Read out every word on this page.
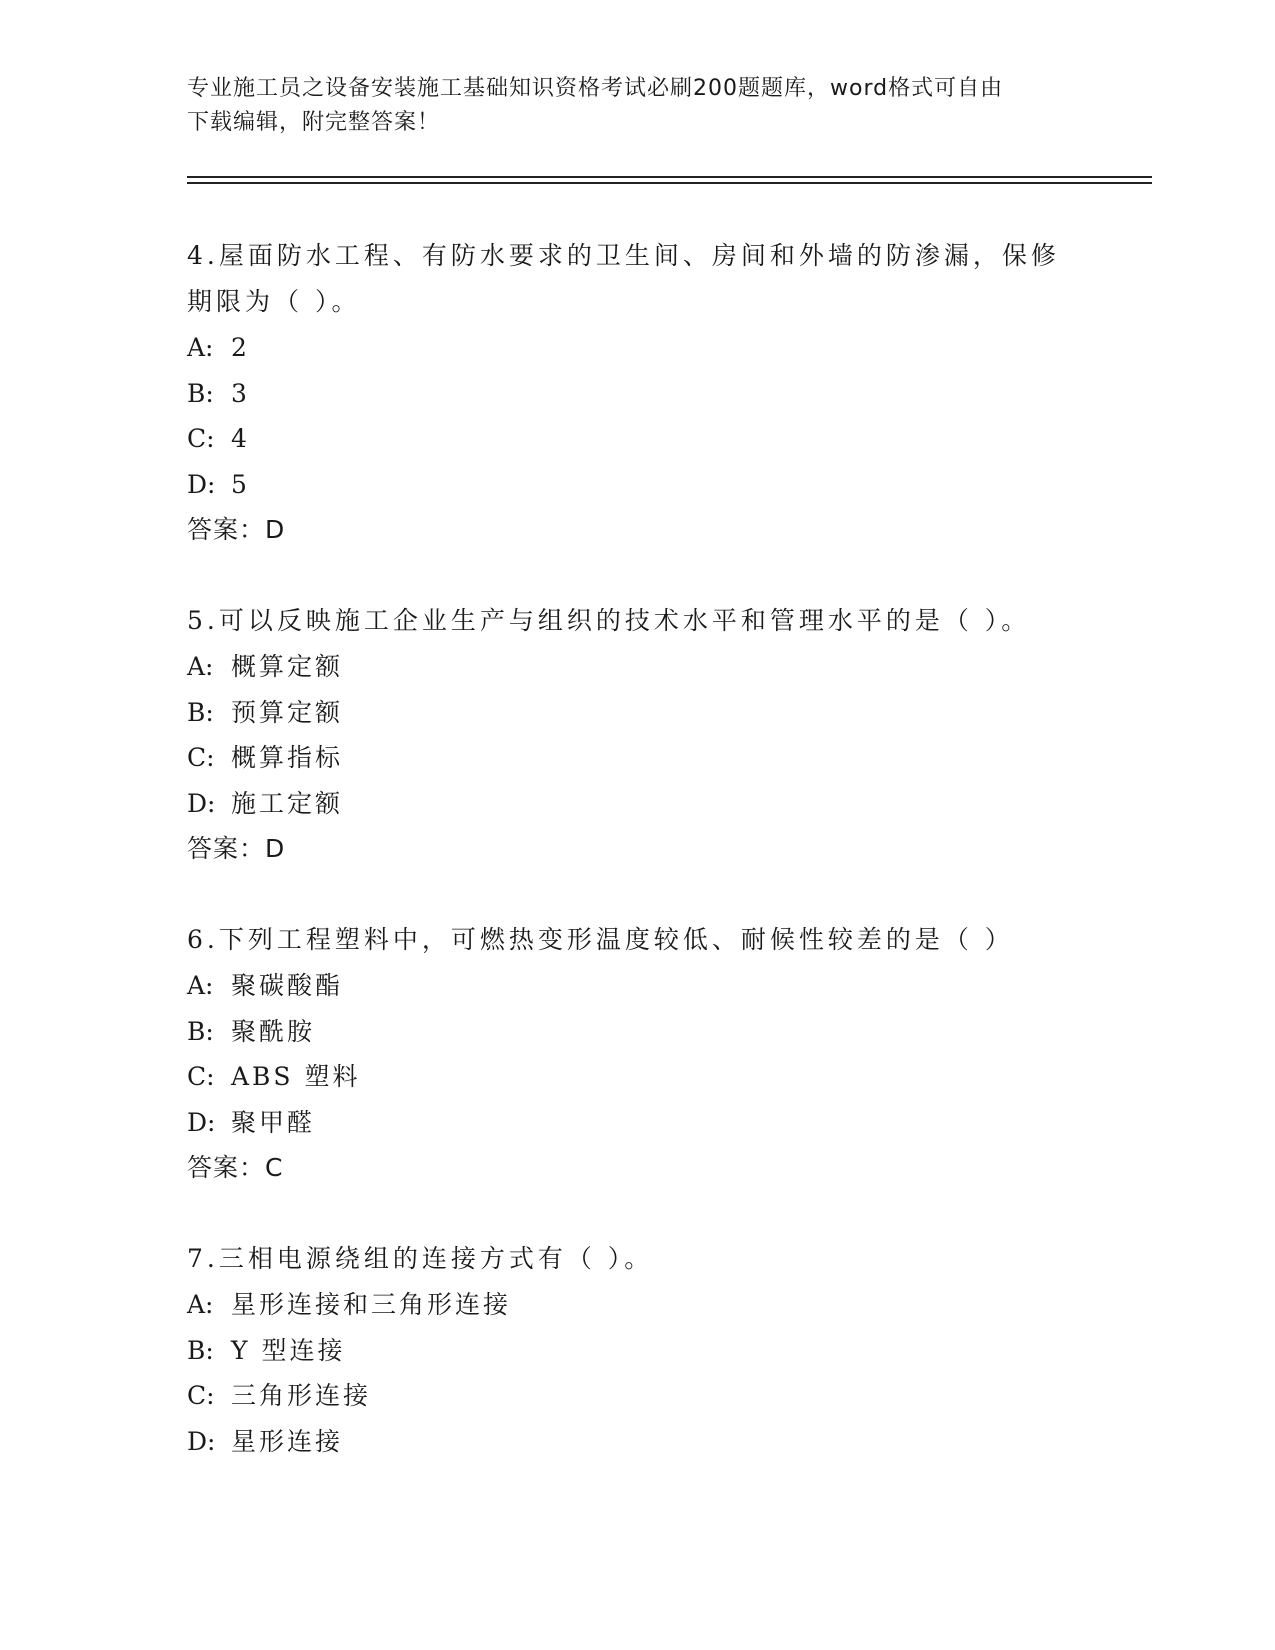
专业施工员之设备安装施工基础知识资格考试必刷200题题库，word格式可自由
下载编辑，附完整答案！

4.屋面防水工程、有防水要求的卫生间、房间和外墙的防渗漏，保修

期限为（ ）。

A: 2

B: 3

C: 4

D: 5

答案：D

5.可以反映施工企业生产与组织的技术水平和管理水平的是（ ）。

A: 概算定额

B: 预算定额

C: 概算指标

D: 施工定额

答案：D

6.下列工程塑料中，可燃热变形温度较低、耐候性较差的是（ ）

A: 聚碳酸酯

B: 聚酰胺

C: ABS 塑料

D: 聚甲醛

答案：C

7.三相电源绕组的连接方式有（ ）。

A: 星形连接和三角形连接

B: Y 型连接

C: 三角形连接

D: 星形连接
